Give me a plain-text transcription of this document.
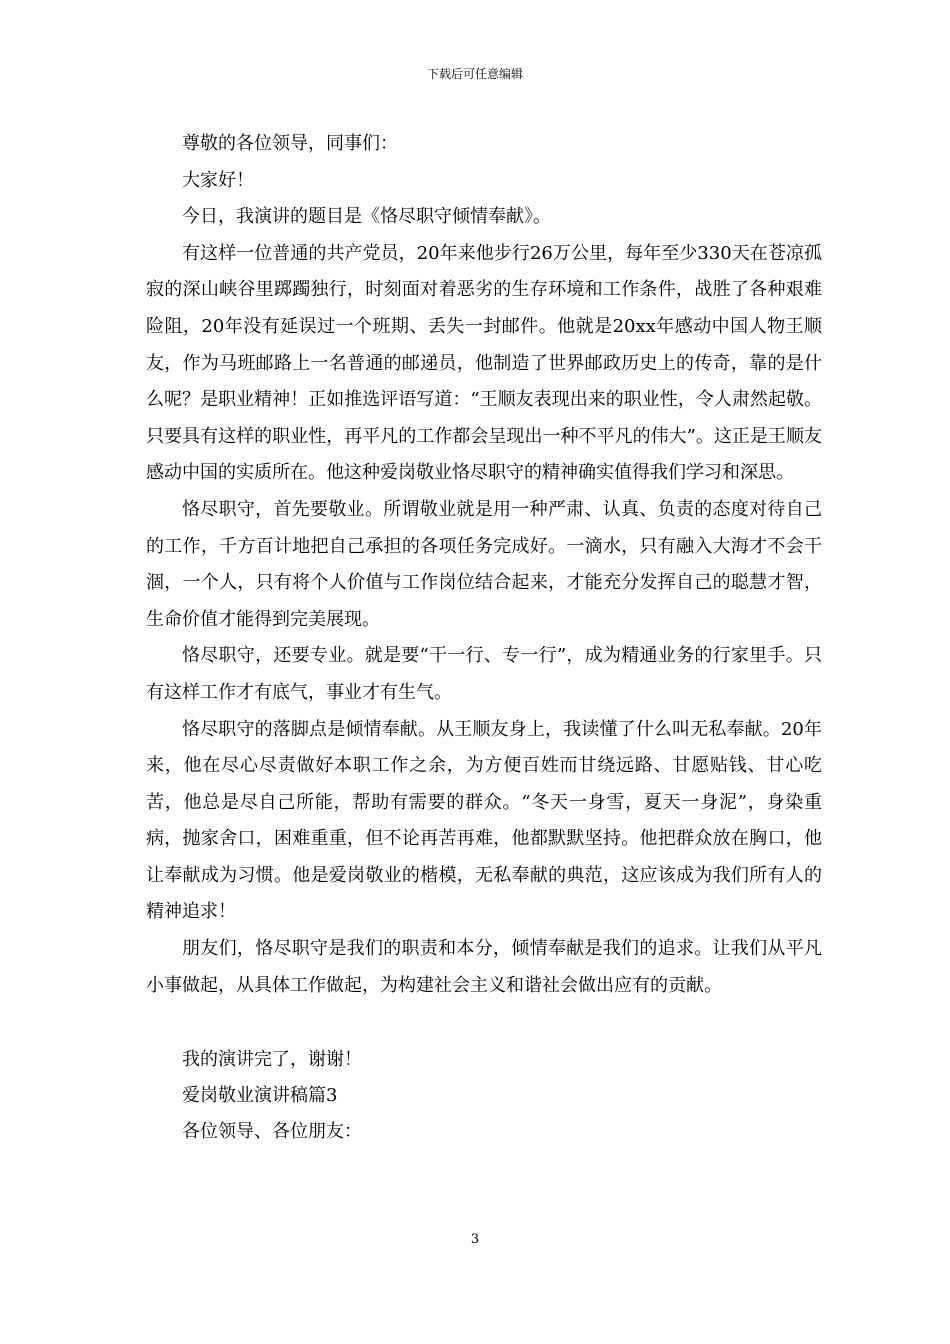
下载后可任意编辑

尊敬的各位领导，同事们：

大家好！

今日，我演讲的题目是《恪尽职守倾情奉献》。

有这样一位普通的共产党员，20年来他步行26万公里，每年至少330天在苍凉孤寂的深山峡谷里踯躅独行，时刻面对着恶劣的生存环境和工作条件，战胜了各种艰难险阻，20年没有延误过一个班期、丢失一封邮件。他就是20xx年感动中国人物王顺友，作为马班邮路上一名普通的邮递员，他制造了世界邮政历史上的传奇，靠的是什么呢？是职业精神！正如推选评语写道：“王顺友表现出来的职业性，令人肃然起敬。只要具有这样的职业性，再平凡的工作都会呈现出一种不平凡的伟大”。这正是王顺友感动中国的实质所在。他这种爱岗敬业恪尽职守的精神确实值得我们学习和深思。

恪尽职守，首先要敬业。所谓敬业就是用一种严肃、认真、负责的态度对待自己的工作，千方百计地把自己承担的各项任务完成好。一滴水，只有融入大海才不会干涸，一个人，只有将个人价值与工作岗位结合起来，才能充分发挥自己的聪慧才智，生命价值才能得到完美展现。

恪尽职守，还要专业。就是要“干一行、专一行”，成为精通业务的行家里手。只有这样工作才有底气，事业才有生气。

恪尽职守的落脚点是倾情奉献。从王顺友身上，我读懂了什么叫无私奉献。20年来，他在尽心尽责做好本职工作之余，为方便百姓而甘绕远路、甘愿贴钱、甘心吃苦，他总是尽自己所能，帮助有需要的群众。“冬天一身雪，夏天一身泥”，身染重病，抛家舍口，困难重重，但不论再苦再难，他都默默坚持。他把群众放在胸口，他让奉献成为习惯。他是爱岗敬业的楷模，无私奉献的典范，这应该成为我们所有人的精神追求！

朋友们，恪尽职守是我们的职责和本分，倾情奉献是我们的追求。让我们从平凡小事做起，从具体工作做起，为构建社会主义和谐社会做出应有的贡献。

我的演讲完了，谢谢！

爱岗敬业演讲稿篇3

各位领导、各位朋友：

3
